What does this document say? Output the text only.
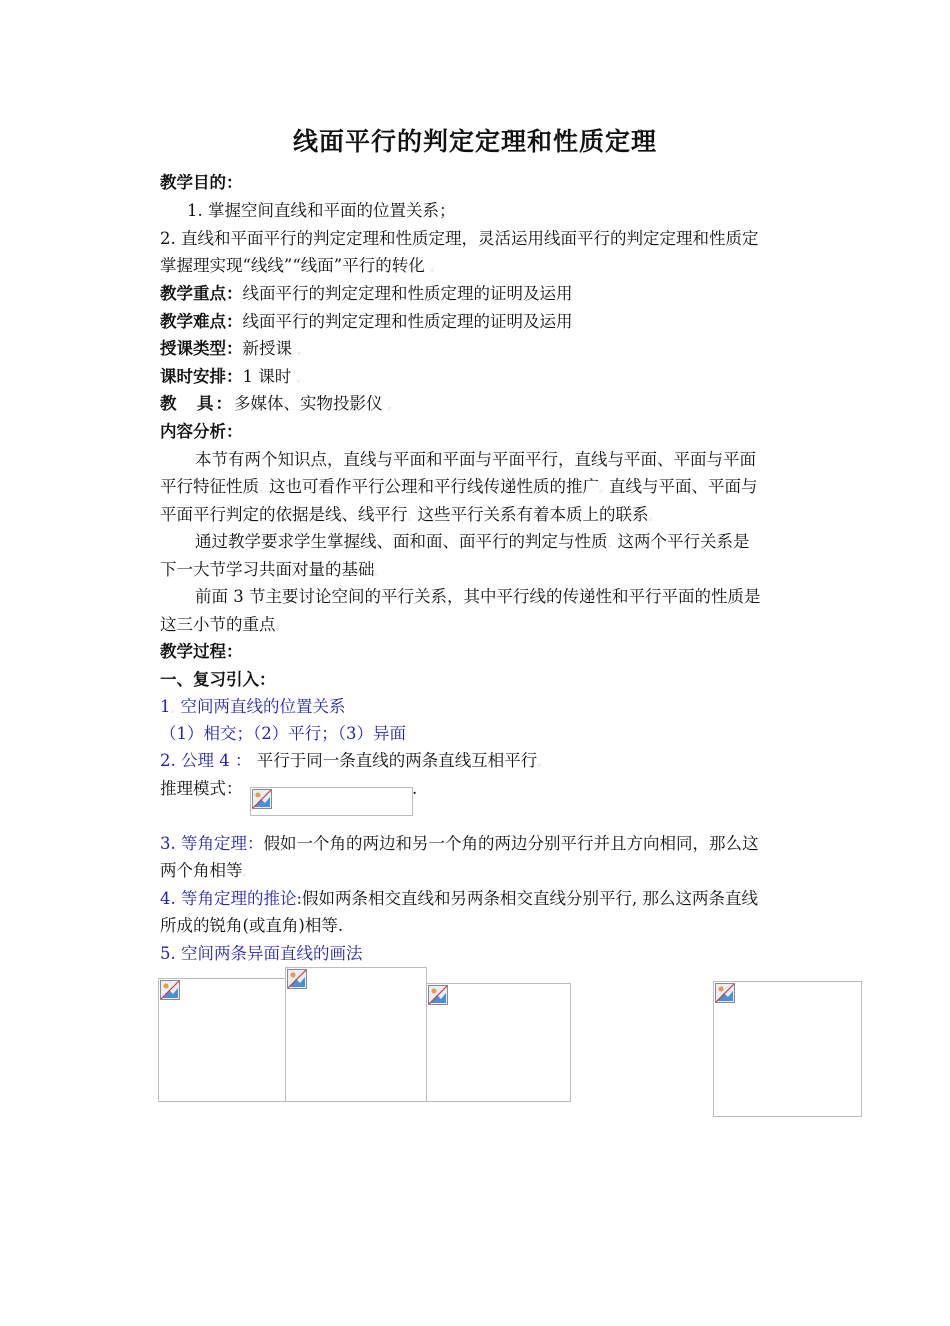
线面平行的判定定理和性质定理
教学目的：
1. 掌握空间直线和平面的位置关系；
2. 直线和平面平行的判定定理和性质定理，灵活运用线面平行的判定定理和性质定
掌握理实现“线线”“线面”平行的转化 。
教学重点：线面平行的判定定理和性质定理的证明及运用
教学难点：线面平行的判定定理和性质定理的证明及运用
授课类型：新授课 。
课时安排：1 课时 。
教　具：多媒体、实物投影仪 。
内容分析：
本节有两个知识点，直线与平面和平面与平面平行，直线与平面、平面与平面
平行特征性质。这也可看作平行公理和平行线传递性质的推广。直线与平面、平面与
平面平行判定的依据是线、线平行。这些平行关系有着本质上的联系。
通过教学要求学生掌握线、面和面、面平行的判定与性质。这两个平行关系是
下一大节学习共面对量的基础。
前面 3 节主要讨论空间的平行关系，其中平行线的传递性和平行平面的性质是
这三小节的重点。
教学过程：
一、复习引入：
1。空间两直线的位置关系
（1）相交；（2）平行；（3）异面
2. 公理 4 ： 平行于同一条直线的两条直线互相平行。
推理模式：	.
3. 等角定理：假如一个角的两边和另一个角的两边分别平行并且方向相同，那么这
两个角相等。
4. 等角定理的推论:假如两条相交直线和另两条相交直线分别平行, 那么这两条直线
所成的锐角(或直角)相等.
5. 空间两条异面直线的画法
